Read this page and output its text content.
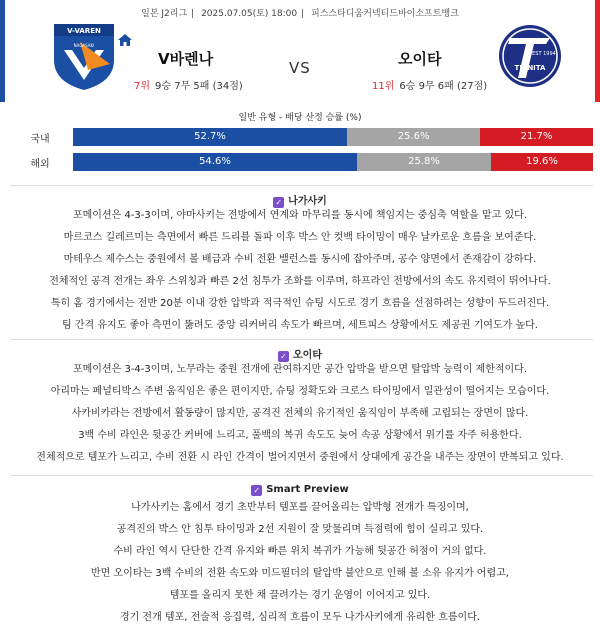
일본 J2리그 | 2025.07.05(토) 18:00 | 피스스타디움커넥티드바이소프트뱅크
V-VAREN
NAGASAKI
EST 1994
TRINITA
V바렌나	오이타
7위 9승 7무 5패 (34점)	11위 6승 9무 6패 (27점)
VS
일반 유형 - 배당 산정 승률 (%)
국내	52.7%	25.6%	21.7%
해외	54.6%	25.8%	19.6%
✓ 나가사키
포메이션은 4-3-3이며, 야마사키는 전방에서 연계와 마무리를 동시에 책임지는 중심축 역할을 맡고 있다.
마르코스 길레르미는 측면에서 빠른 드리블 돌파 이후 박스 안 컷백 타이밍이 매우 날카로운 흐름을 보여준다.
마테우스 제수스는 중원에서 볼 배급과 수비 전환 밸런스를 동시에 잡아주며, 공수 양면에서 존재감이 강하다.
전체적인 공격 전개는 좌우 스위칭과 빠른 2선 침투가 조화를 이루며, 하프라인 전방에서의 속도 유지력이 뛰어나다.
특히 홈 경기에서는 전반 20분 이내 강한 압박과 적극적인 슈팅 시도로 경기 흐름을 선점하려는 성향이 두드러진다.
팀 간격 유지도 좋아 측면이 뚫려도 중앙 리커버리 속도가 빠르며, 세트피스 상황에서도 제공권 기여도가 높다.
✓ 오이타
포메이션은 3-4-3이며, 노무라는 중원 전개에 관여하지만 공간 압박을 받으면 탈압박 능력이 제한적이다.
아리마는 페널티박스 주변 움직임은 좋은 편이지만, 슈팅 정확도와 크로스 타이밍에서 일관성이 떨어지는 모습이다.
사카비카라는 전방에서 활동량이 많지만, 공격진 전체의 유기적인 움직임이 부족해 고립되는 장면이 많다.
3백 수비 라인은 뒷공간 커버에 느리고, 풀백의 복귀 속도도 늦어 속공 상황에서 위기를 자주 허용한다.
전체적으로 템포가 느리고, 수비 전환 시 라인 간격이 벌어지면서 중원에서 상대에게 공간을 내주는 장면이 반복되고 있다.
✓ Smart Preview
나가사키는 홈에서 경기 초반부터 템포를 끌어올리는 압박형 전개가 특징이며,
공격진의 박스 안 침투 타이밍과 2선 지원이 잘 맞물리며 득점력에 힘이 실리고 있다.
수비 라인 역시 단단한 간격 유지와 빠른 위치 복귀가 가능해 뒷공간 허점이 거의 없다.
반면 오이타는 3백 수비의 전환 속도와 미드필더의 탈압박 불안으로 인해 볼 소유 유지가 어렵고,
템포를 올리지 못한 채 끌려가는 경기 운영이 이어지고 있다.
경기 전개 템포, 전술적 응집력, 심리적 흐름이 모두 나가사키에게 유리한 흐름이다.
